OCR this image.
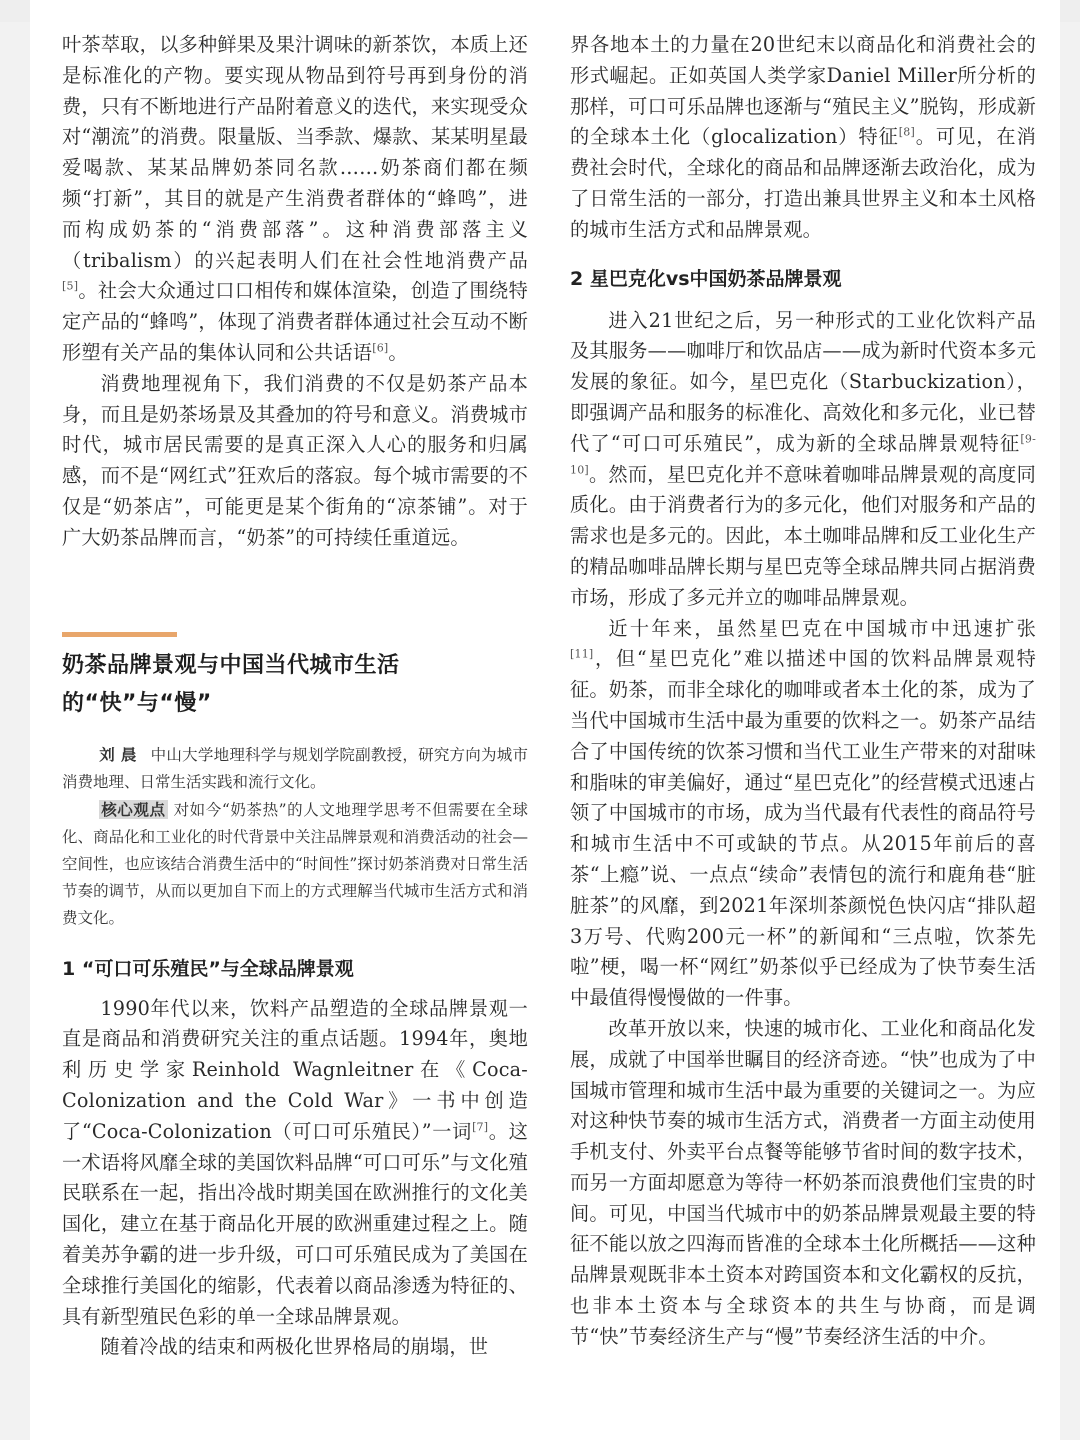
叶茶萃取，以多种鲜果及果汁调味的新茶饮，本质上还是标准化的产物。要实现从物品到符号再到身份的消费，只有不断地进行产品附着意义的迭代，来实现受众对“潮流”的消费。限量版、当季款、爆款、某某明星最爱喝款、某某品牌奶茶同名款……奶茶商们都在频频“打新”，其目的就是产生消费者群体的“蜂鸣”，进而构成奶茶的“消费部落”。这种消费部落主义（tribalism）的兴起表明人们在社会性地消费产品[5]。社会大众通过口口相传和媒体渲染，创造了围绕特定产品的“蜂鸣”，体现了消费者群体通过社会互动不断形塑有关产品的集体认同和公共话语[6]。

消费地理视角下，我们消费的不仅是奶茶产品本身，而且是奶茶场景及其叠加的符号和意义。消费城市时代，城市居民需要的是真正深入人心的服务和归属感，而不是“网红式”狂欢后的落寂。每个城市需要的不仅是“奶茶店”，可能更是某个街角的“凉茶铺”。对于广大奶茶品牌而言，“奶茶”的可持续任重道远。

奶茶品牌景观与中国当代城市生活的“快”与“慢”

刘晨 中山大学地理科学与规划学院副教授，研究方向为城市消费地理、日常生活实践和流行文化。

核心观点 对如今“奶茶热”的人文地理学思考不但需要在全球化、商品化和工业化的时代背景中关注品牌景观和消费活动的社会—空间性，也应该结合消费生活中的“时间性”探讨奶茶消费对日常生活节奏的调节，从而以更加自下而上的方式理解当代城市生活方式和消费文化。

1 “可口可乐殖民”与全球品牌景观

1990年代以来，饮料产品塑造的全球品牌景观一直是商品和消费研究关注的重点话题。1994年，奥地利历史学家Reinhold Wagnleitner在《Coca-Colonization and the Cold War》一书中创造了“Coca-Colonization（可口可乐殖民）”一词[7]。这一术语将风靡全球的美国饮料品牌“可口可乐”与文化殖民联系在一起，指出冷战时期美国在欧洲推行的文化美国化，建立在基于商品化开展的欧洲重建过程之上。随着美苏争霸的进一步升级，可口可乐殖民成为了美国在全球推行美国化的缩影，代表着以商品渗透为特征的、具有新型殖民色彩的单一全球品牌景观。

随着冷战的结束和两极化世界格局的崩塌，世

界各地本土的力量在20世纪末以商品化和消费社会的形式崛起。正如英国人类学家Daniel Miller所分析的那样，可口可乐品牌也逐渐与“殖民主义”脱钩，形成新的全球本土化（glocalization）特征[8]。可见，在消费社会时代，全球化的商品和品牌逐渐去政治化，成为了日常生活的一部分，打造出兼具世界主义和本土风格的城市生活方式和品牌景观。

2 星巴克化vs中国奶茶品牌景观

进入21世纪之后，另一种形式的工业化饮料产品及其服务——咖啡厅和饮品店——成为新时代资本多元发展的象征。如今，星巴克化（Starbuckization），即强调产品和服务的标准化、高效化和多元化，业已替代了“可口可乐殖民”，成为新的全球品牌景观特征[9-10]。然而，星巴克化并不意味着咖啡品牌景观的高度同质化。由于消费者行为的多元化，他们对服务和产品的需求也是多元的。因此，本土咖啡品牌和反工业化生产的精品咖啡品牌长期与星巴克等全球品牌共同占据消费市场，形成了多元并立的咖啡品牌景观。

近十年来，虽然星巴克在中国城市中迅速扩张[11]，但“星巴克化”难以描述中国的饮料品牌景观特征。奶茶，而非全球化的咖啡或者本土化的茶，成为了当代中国城市生活中最为重要的饮料之一。奶茶产品结合了中国传统的饮茶习惯和当代工业生产带来的对甜味和脂味的审美偏好，通过“星巴克化”的经营模式迅速占领了中国城市的市场，成为当代最有代表性的商品符号和城市生活中不可或缺的节点。从2015年前后的喜茶“上瘾”说、一点点“续命”表情包的流行和鹿角巷“脏脏茶”的风靡，到2021年深圳茶颜悦色快闪店“排队超3万号、代购200元一杯”的新闻和“三点啦，饮茶先啦”梗，喝一杯“网红”奶茶似乎已经成为了快节奏生活中最值得慢慢做的一件事。

改革开放以来，快速的城市化、工业化和商品化发展，成就了中国举世瞩目的经济奇迹。“快”也成为了中国城市管理和城市生活中最为重要的关键词之一。为应对这种快节奏的城市生活方式，消费者一方面主动使用手机支付、外卖平台点餐等能够节省时间的数字技术，而另一方面却愿意为等待一杯奶茶而浪费他们宝贵的时间。可见，中国当代城市中的奶茶品牌景观最主要的特征不能以放之四海而皆准的全球本土化所概括——这种品牌景观既非本土资本对跨国资本和文化霸权的反抗，也非本土资本与全球资本的共生与协商，而是调节“快”节奏经济生产与“慢”节奏经济生活的中介。
